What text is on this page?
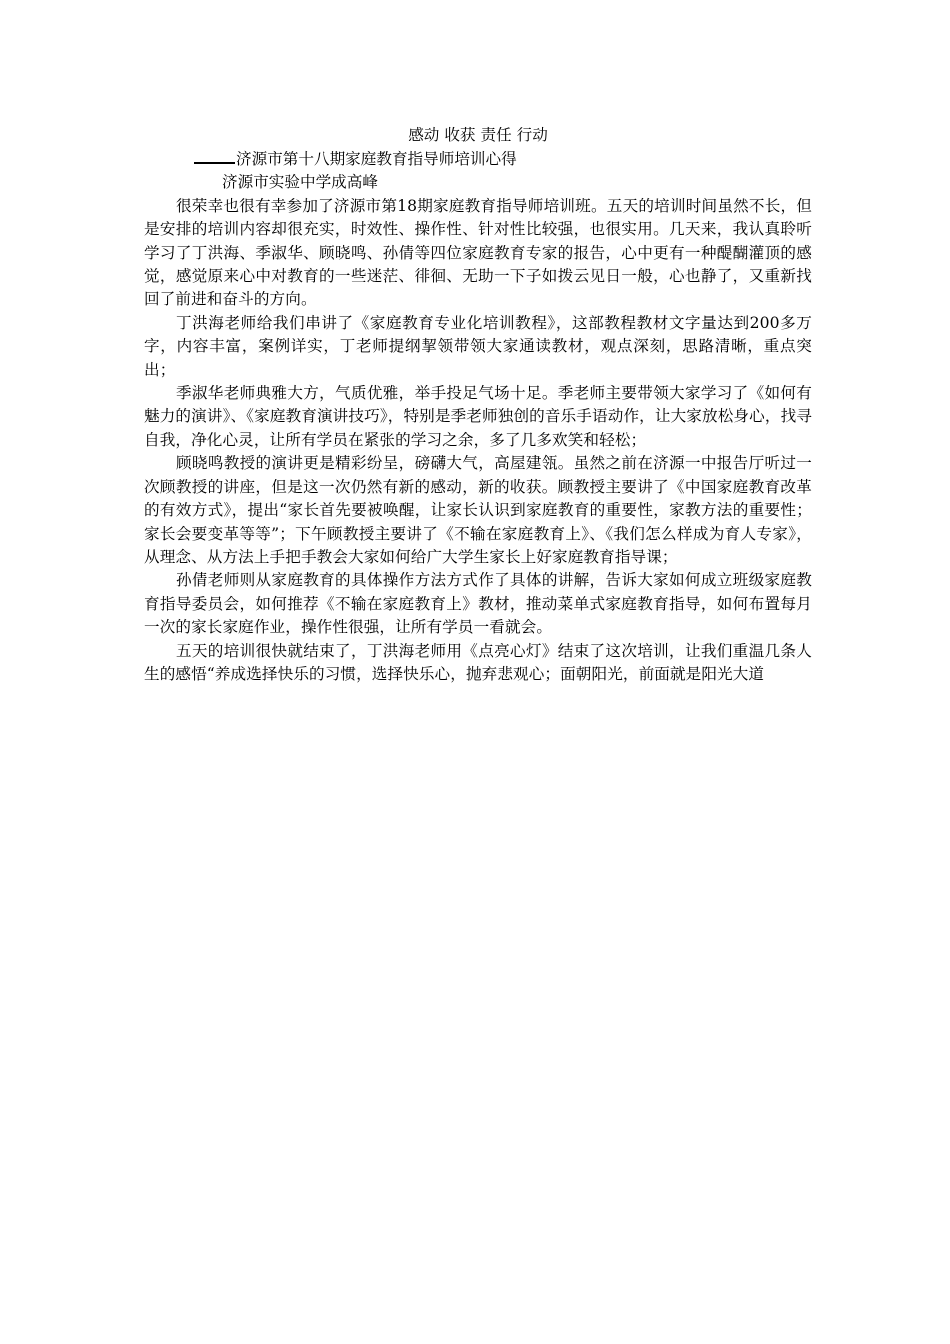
感动 收获 责任 行动

济源市第十八期家庭教育指导师培训心得

济源市实验中学成高峰

很荣幸也很有幸参加了济源市第18期家庭教育指导师培训班。五天的培训时间虽然不长，但是安排的培训内容却很充实，时效性、操作性、针对性比较强，也很实用。几天来，我认真聆听学习了丁洪海、季淑华、顾晓鸣、孙倩等四位家庭教育专家的报告，心中更有一种醍醐灌顶的感觉，感觉原来心中对教育的一些迷茫、徘徊、无助一下子如拨云见日一般，心也静了，又重新找回了前进和奋斗的方向。

丁洪海老师给我们串讲了《家庭教育专业化培训教程》，这部教程教材文字量达到200多万字，内容丰富，案例详实，丁老师提纲挈领带领大家通读教材，观点深刻，思路清晰，重点突出；

季淑华老师典雅大方，气质优雅，举手投足气场十足。季老师主要带领大家学习了《如何有魅力的演讲》、《家庭教育演讲技巧》，特别是季老师独创的音乐手语动作，让大家放松身心，找寻自我，净化心灵，让所有学员在紧张的学习之余，多了几多欢笑和轻松；

顾晓鸣教授的演讲更是精彩纷呈，磅礴大气，高屋建瓴。虽然之前在济源一中报告厅听过一次顾教授的讲座，但是这一次仍然有新的感动，新的收获。顾教授主要讲了《中国家庭教育改革的有效方式》，提出“家长首先要被唤醒，让家长认识到家庭教育的重要性，家教方法的重要性；家长会要变革等等”；下午顾教授主要讲了《不输在家庭教育上》、《我们怎么样成为育人专家》，从理念、从方法上手把手教会大家如何给广大学生家长上好家庭教育指导课；

孙倩老师则从家庭教育的具体操作方法方式作了具体的讲解，告诉大家如何成立班级家庭教育指导委员会，如何推荐《不输在家庭教育上》教材，推动菜单式家庭教育指导，如何布置每月一次的家长家庭作业，操作性很强，让所有学员一看就会。

五天的培训很快就结束了，丁洪海老师用《点亮心灯》结束了这次培训，让我们重温几条人生的感悟“养成选择快乐的习惯，选择快乐心，抛弃悲观心；面朝阳光，前面就是阳光大道
